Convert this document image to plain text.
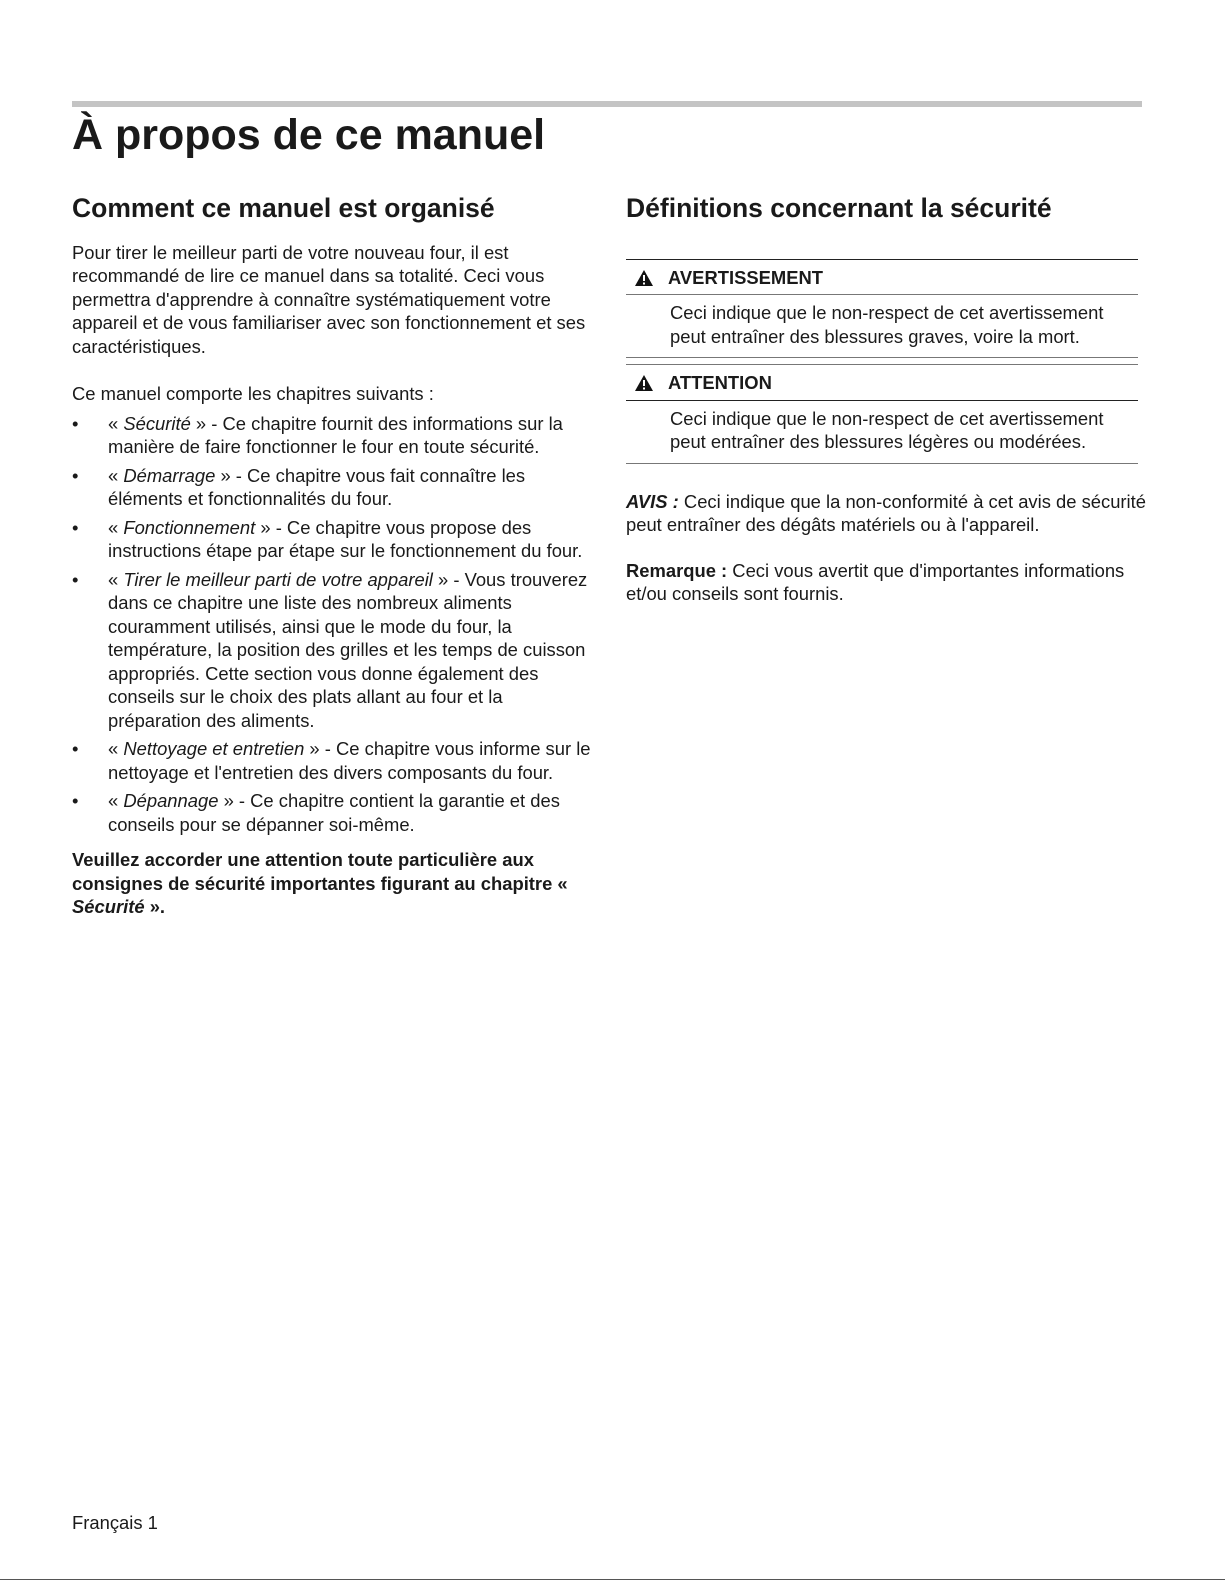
À propos de ce manuel
Comment ce manuel est organisé

Pour tirer le meilleur parti de votre nouveau four, il est recommandé de lire ce manuel dans sa totalité. Ceci vous permettra d'apprendre à connaître systématiquement votre appareil et de vous familiariser avec son fonctionnement et ses caractéristiques.

Ce manuel comporte les chapitres suivants :

• « Sécurité » - Ce chapitre fournit des informations sur la manière de faire fonctionner le four en toute sécurité.
• « Démarrage » - Ce chapitre vous fait connaître les éléments et fonctionnalités du four.
• « Fonctionnement » - Ce chapitre vous propose des instructions étape par étape sur le fonctionnement du four.
• « Tirer le meilleur parti de votre appareil » - Vous trouverez dans ce chapitre une liste des nombreux aliments couramment utilisés, ainsi que le mode du four, la température, la position des grilles et les temps de cuisson appropriés. Cette section vous donne également des conseils sur le choix des plats allant au four et la préparation des aliments.
• « Nettoyage et entretien » - Ce chapitre vous informe sur le nettoyage et l'entretien des divers composants du four.
• « Dépannage » - Ce chapitre contient la garantie et des conseils pour se dépanner soi-même.

Veuillez accorder une attention toute particulière aux consignes de sécurité importantes figurant au chapitre « Sécurité ».

Définitions concernant la sécurité
AVERTISSEMENT
Ceci indique que le non-respect de cet avertissement peut entraîner des blessures graves, voire la mort.
ATTENTION
Ceci indique que le non-respect de cet avertissement peut entraîner des blessures légères ou modérées.

AVIS : Ceci indique que la non-conformité à cet avis de sécurité peut entraîner des dégâts matériels ou à l'appareil.

Remarque : Ceci vous avertit que d'importantes informations et/ou conseils sont fournis.

Français 1
